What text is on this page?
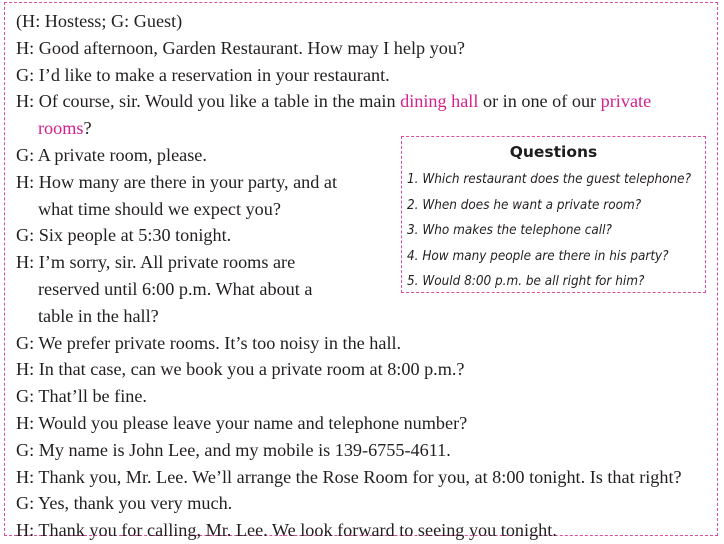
(H: Hostess; G: Guest)
H: Good afternoon, Garden Restaurant. How may I help you?
G: I’d like to make a reservation in your restaurant.
H: Of course, sir. Would you like a table in the main dining hall or in one of our private
rooms?
G: A private room, please.
H: How many are there in your party, and at
what time should we expect you?
G: Six people at 5:30 tonight.
H: I’m sorry, sir. All private rooms are
reserved until 6:00 p.m. What about a
table in the hall?
G: We prefer private rooms. It’s too noisy in the hall.
H: In that case, can we book you a private room at 8:00 p.m.?
G: That’ll be fine.
H: Would you please leave your name and telephone number?
G: My name is John Lee, and my mobile is 139-6755-4611.
H: Thank you, Mr. Lee. We’ll arrange the Rose Room for you, at 8:00 tonight. Is that right?
G: Yes, thank you very much.
H: Thank you for calling, Mr. Lee. We look forward to seeing you tonight.
Questions
1. Which restaurant does the guest telephone?
2. When does he want a private room?
3. Who makes the telephone call?
4. How many people are there in his party?
5. Would 8:00 p.m. be all right for him?
